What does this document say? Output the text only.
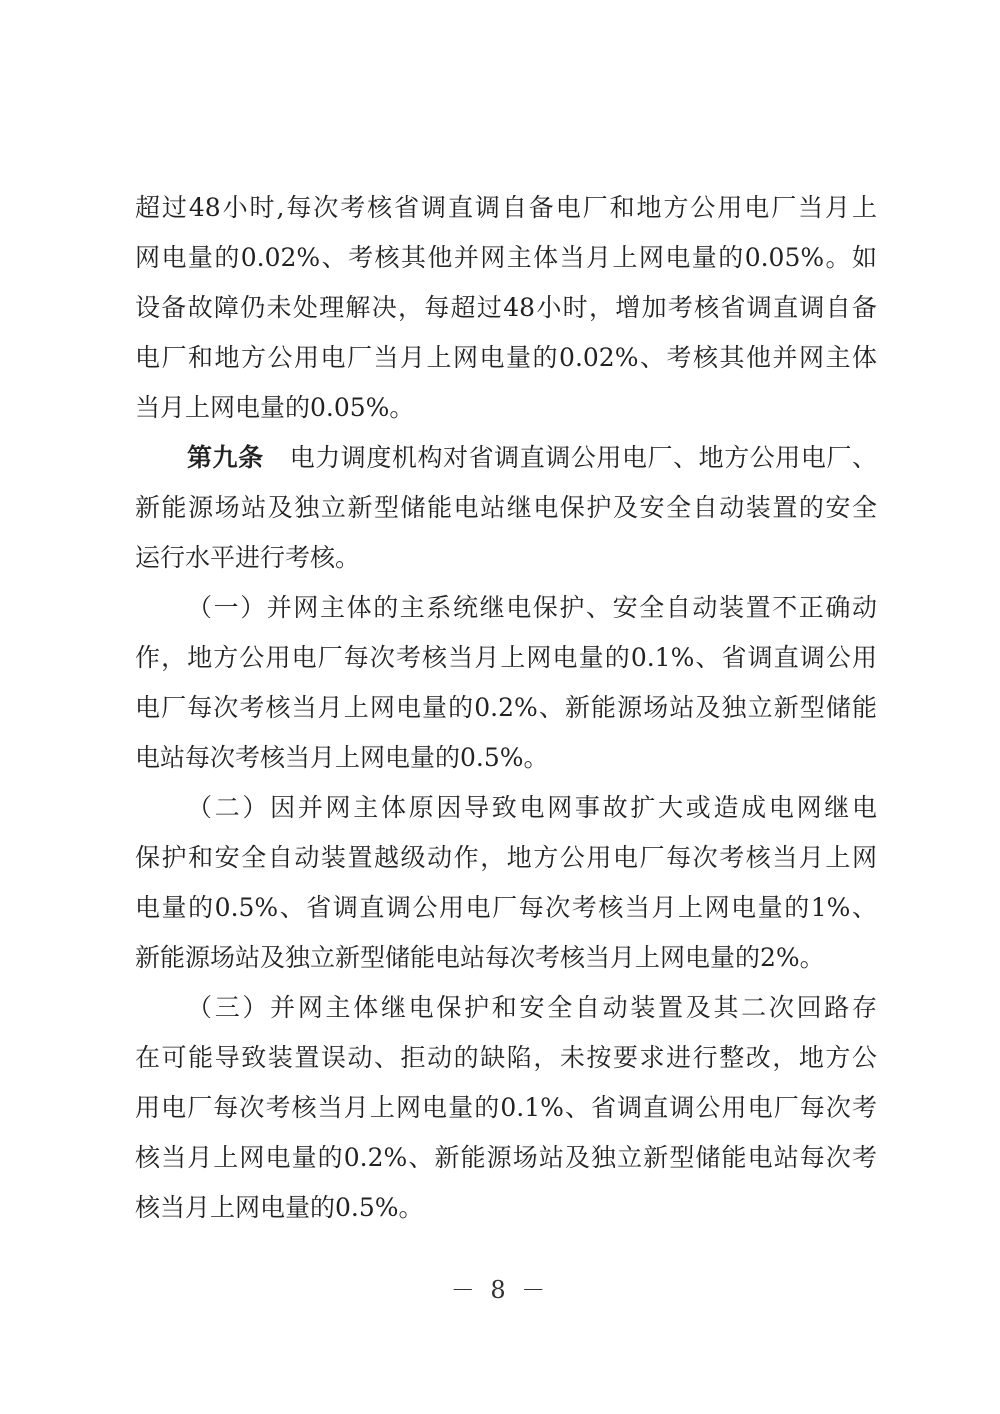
超过48小时,每次考核省调直调自备电厂和地方公用电厂当月上
网电量的0.02%、考核其他并网主体当月上网电量的0.05%。如
设备故障仍未处理解决，每超过48小时，增加考核省调直调自备
电厂和地方公用电厂当月上网电量的0.02%、考核其他并网主体
当月上网电量的0.05%。
第九条 电力调度机构对省调直调公用电厂、地方公用电厂、
新能源场站及独立新型储能电站继电保护及安全自动装置的安全
运行水平进行考核。
（一）并网主体的主系统继电保护、安全自动装置不正确动
作，地方公用电厂每次考核当月上网电量的0.1%、省调直调公用
电厂每次考核当月上网电量的0.2%、新能源场站及独立新型储能
电站每次考核当月上网电量的0.5%。
（二）因并网主体原因导致电网事故扩大或造成电网继电
保护和安全自动装置越级动作，地方公用电厂每次考核当月上网
电量的0.5%、省调直调公用电厂每次考核当月上网电量的1%、
新能源场站及独立新型储能电站每次考核当月上网电量的2%。
（三）并网主体继电保护和安全自动装置及其二次回路存
在可能导致装置误动、拒动的缺陷，未按要求进行整改，地方公
用电厂每次考核当月上网电量的0.1%、省调直调公用电厂每次考
核当月上网电量的0.2%、新能源场站及独立新型储能电站每次考
核当月上网电量的0.5%。
－ 8 －
